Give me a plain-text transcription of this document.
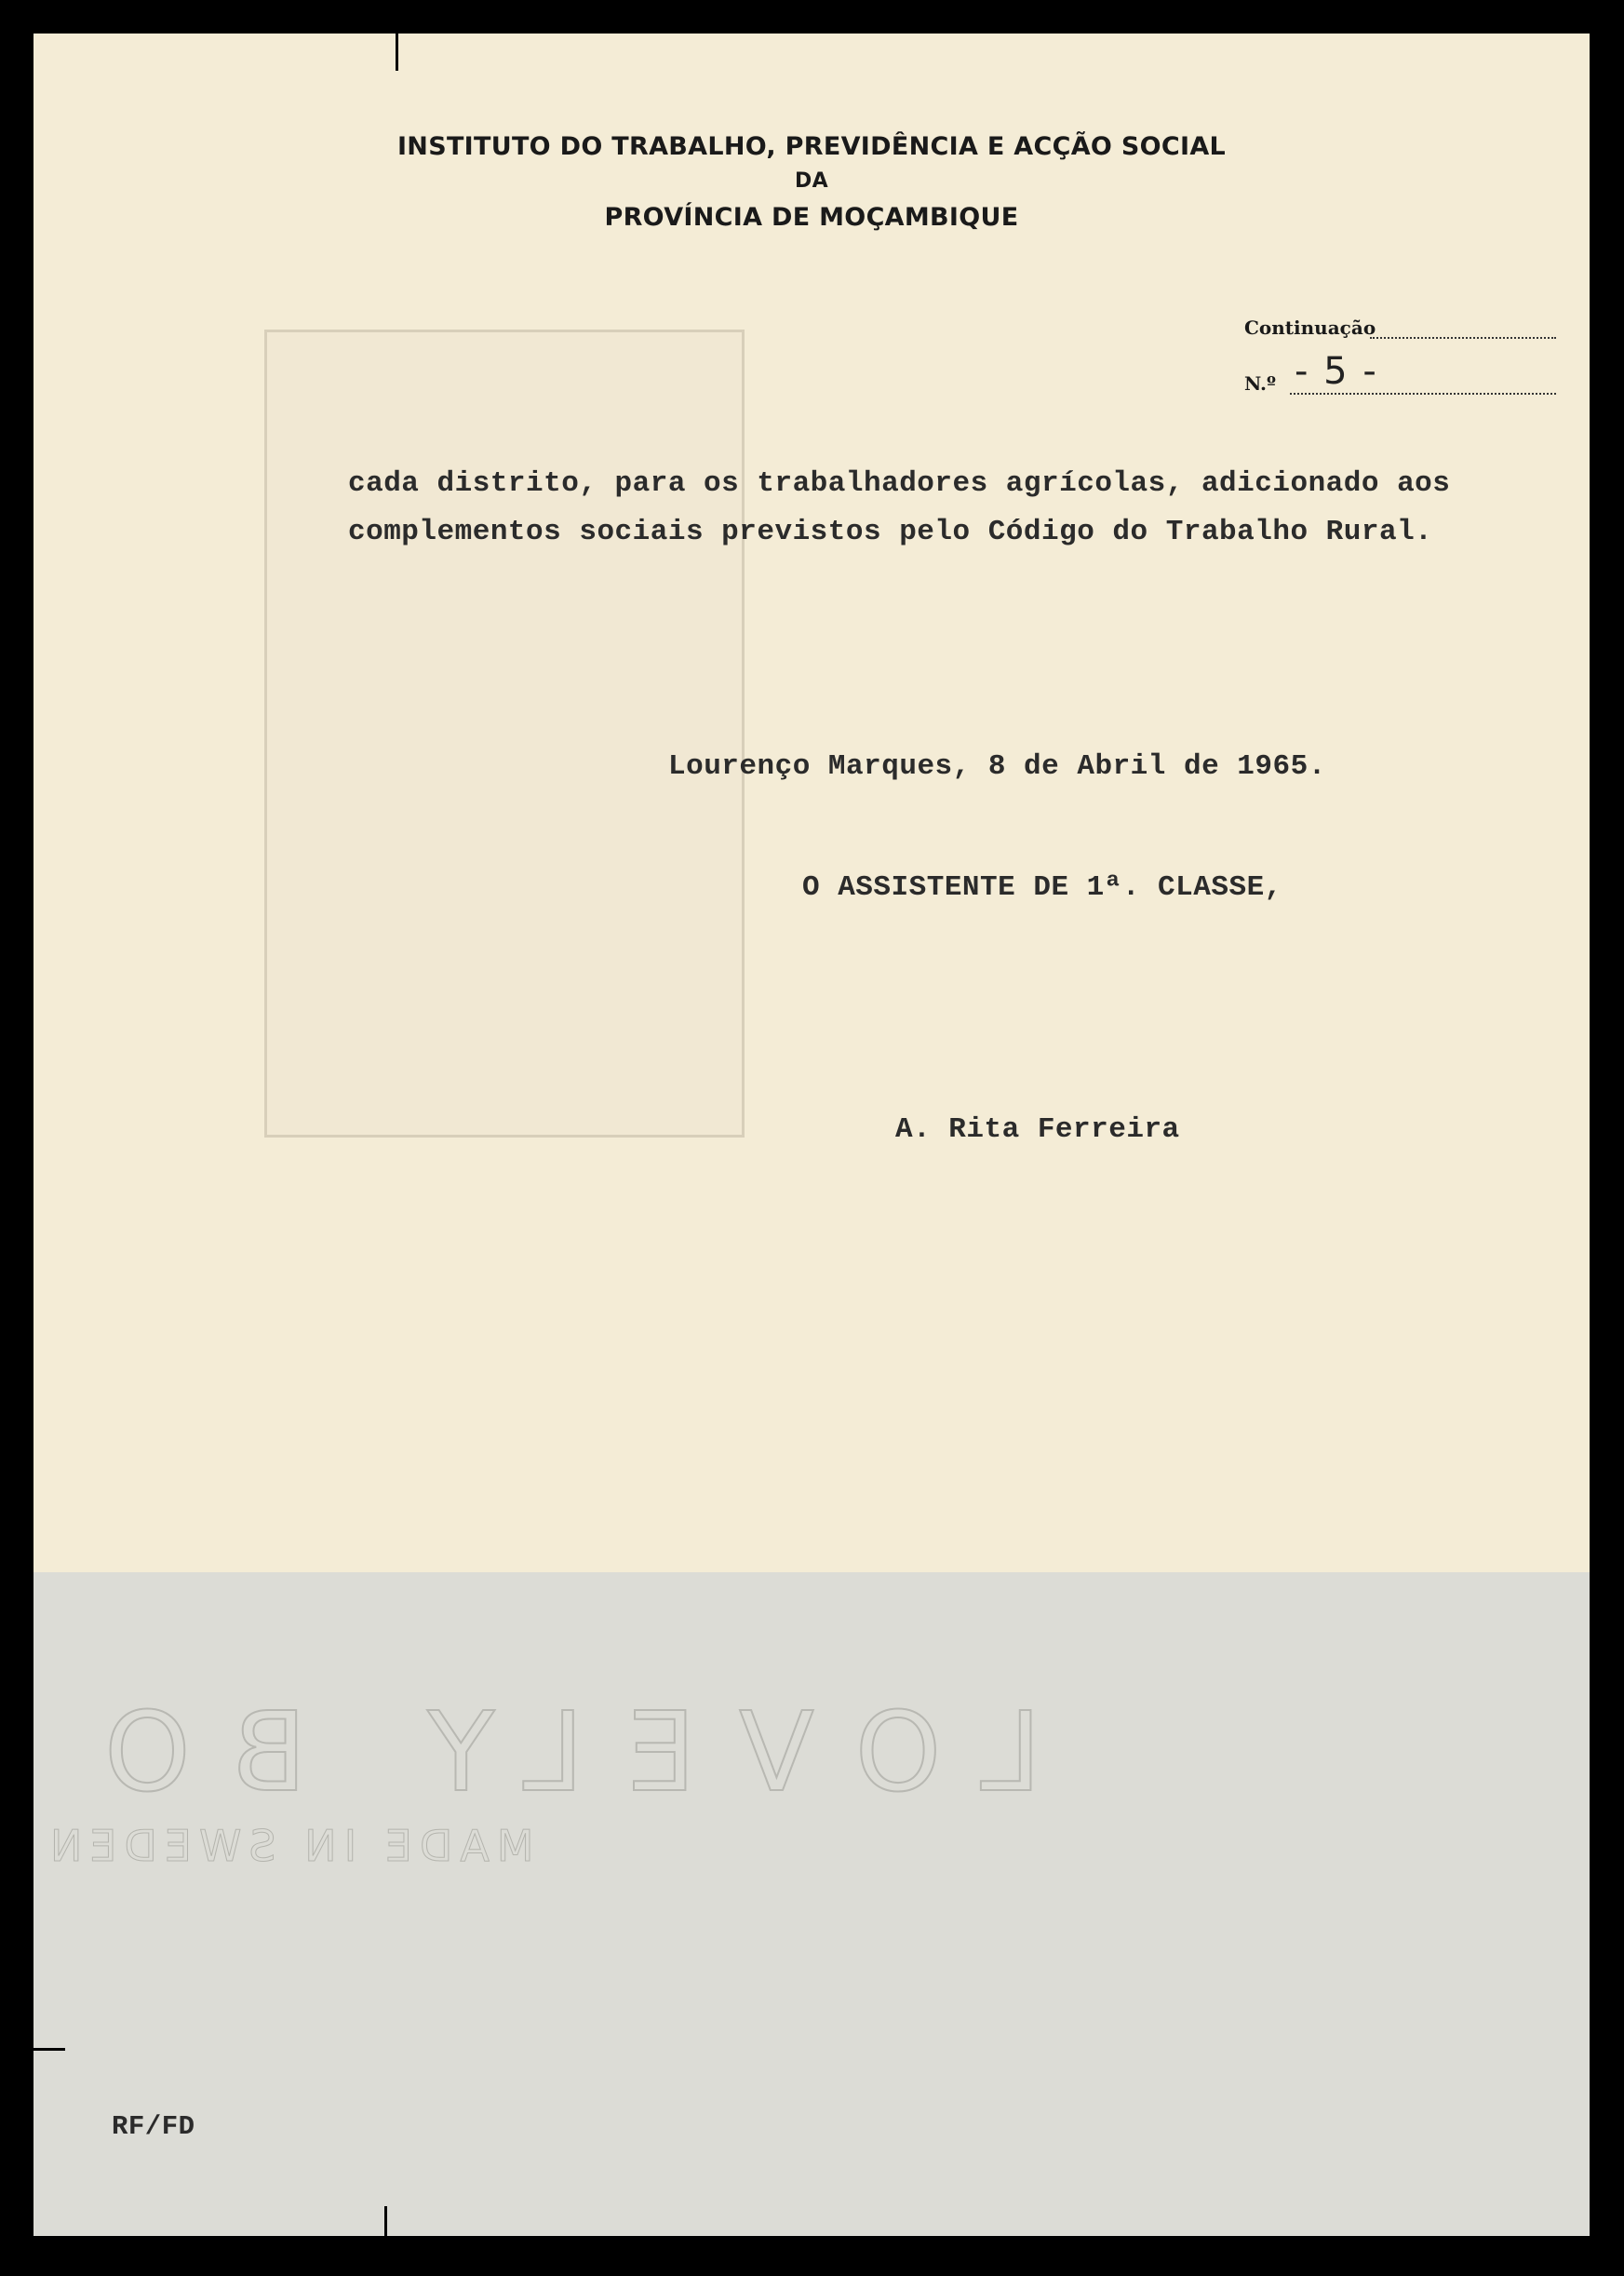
INSTITUTO DO TRABALHO, PREVIDÊNCIA E ACÇÃO SOCIAL
DA
PROVÍNCIA DE MOÇAMBIQUE
Continuação
N.º - 5 -
cada distrito, para os trabalhadores agrícolas, adicionado aos
complementos sociais previstos pelo Código do Trabalho Rural.
Lourenço Marques, 8 de Abril de 1965.
O ASSISTENTE DE 1ª. CLASSE,
A. Rita Ferreira
RF/FD
LOVELY BO
MADE IN SWEDEN
